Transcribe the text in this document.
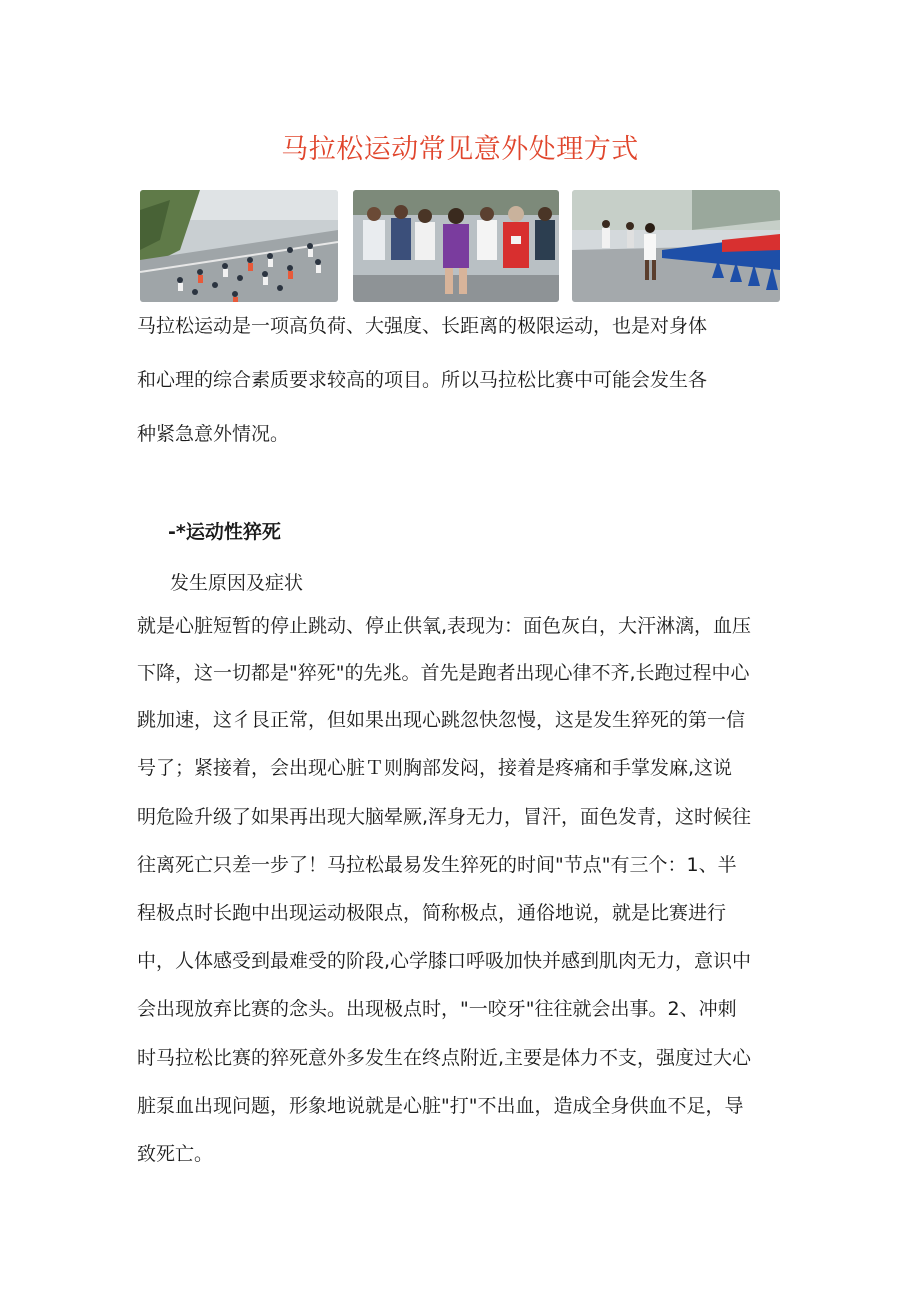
马拉松运动常见意外处理方式
马拉松运动是一项高负荷、大强度、长距离的极限运动，也是对身体
和心理的综合素质要求较高的项目。所以马拉松比赛中可能会发生各
种紧急意外情况。
-*运动性猝死
发生原因及症状
就是心脏短暂的停止跳动、停止供氧,表现为：面色灰白，大汗淋漓，血压
下降，这一切都是"猝死"的先兆。首先是跑者出现心律不齐,长跑过程中心
跳加速，这彳艮正常，但如果出现心跳忽快忽慢，这是发生猝死的第一信
号了；紧接着，会出现心脏Ｔ则胸部发闷，接着是疼痛和手掌发麻,这说
明危险升级了如果再出现大脑晕厥,浑身无力，冒汗，面色发青，这时候往
往离死亡只差一步了！马拉松最易发生猝死的时间"节点"有三个：1、半
程极点时长跑中出现运动极限点，简称极点，通俗地说，就是比赛进行
中，人体感受到最难受的阶段,心学膝口呼吸加快并感到肌肉无力，意识中
会出现放弃比赛的念头。出现极点时，"一咬牙"往往就会出事。2、冲刺
时马拉松比赛的猝死意外多发生在终点附近,主要是体力不支，强度过大心
脏泵血出现问题，形象地说就是心脏"打"不出血，造成全身供血不足，导
致死亡。
